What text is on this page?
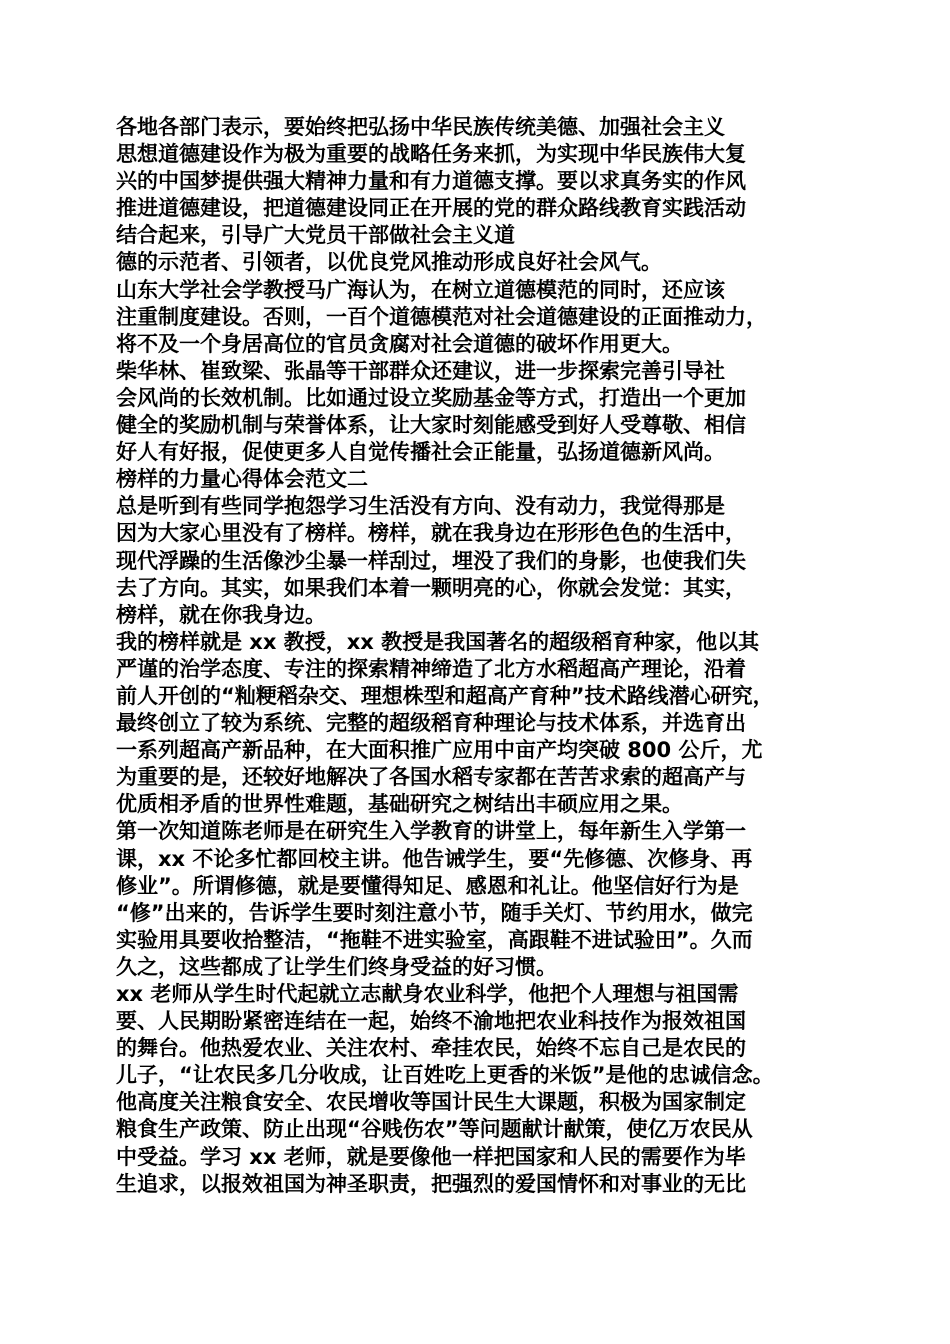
各地各部门表示，要始终把弘扬中华民族传统美德、加强社会主义
思想道德建设作为极为重要的战略任务来抓，为实现中华民族伟大复
兴的中国梦提供强大精神力量和有力道德支撑。要以求真务实的作风
推进道德建设，把道德建设同正在开展的党的群众路线教育实践活动
结合起来，引导广大党员干部做社会主义道
德的示范者、引领者，以优良党风推动形成良好社会风气。
山东大学社会学教授马广海认为，在树立道德模范的同时，还应该
注重制度建设。否则，一百个道德模范对社会道德建设的正面推动力，
将不及一个身居高位的官员贪腐对社会道德的破坏作用更大。
柴华林、崔致梁、张晶等干部群众还建议，进一步探索完善引导社
会风尚的长效机制。比如通过设立奖励基金等方式，打造出一个更加
健全的奖励机制与荣誉体系，让大家时刻能感受到好人受尊敬、相信
好人有好报，促使更多人自觉传播社会正能量，弘扬道德新风尚。
榜样的力量心得体会范文二
总是听到有些同学抱怨学习生活没有方向、没有动力，我觉得那是
因为大家心里没有了榜样。榜样，就在我身边在形形色色的生活中，
现代浮躁的生活像沙尘暴一样刮过，埋没了我们的身影，也使我们失
去了方向。其实，如果我们本着一颗明亮的心，你就会发觉：其实，
榜样，就在你我身边。
我的榜样就是 xx 教授，xx 教授是我国著名的超级稻育种家，他以其
严谨的治学态度、专注的探索精神缔造了北方水稻超高产理论，沿着
前人开创的“籼粳稻杂交、理想株型和超高产育种”技术路线潜心研究，
最终创立了较为系统、完整的超级稻育种理论与技术体系，并选育出
一系列超高产新品种，在大面积推广应用中亩产均突破 800 公斤，尤
为重要的是，还较好地解决了各国水稻专家都在苦苦求索的超高产与
优质相矛盾的世界性难题，基础研究之树结出丰硕应用之果。
第一次知道陈老师是在研究生入学教育的讲堂上，每年新生入学第一
课，xx 不论多忙都回校主讲。他告诫学生，要“先修德、次修身、再
修业”。所谓修德，就是要懂得知足、感恩和礼让。他坚信好行为是
“修”出来的，告诉学生要时刻注意小节，随手关灯、节约用水，做完
实验用具要收拾整洁，“拖鞋不进实验室，高跟鞋不进试验田”。久而
久之，这些都成了让学生们终身受益的好习惯。
xx 老师从学生时代起就立志献身农业科学，他把个人理想与祖国需
要、人民期盼紧密连结在一起，始终不渝地把农业科技作为报效祖国
的舞台。他热爱农业、关注农村、牵挂农民，始终不忘自己是农民的
儿子，“让农民多几分收成，让百姓吃上更香的米饭”是他的忠诚信念。
他高度关注粮食安全、农民增收等国计民生大课题，积极为国家制定
粮食生产政策、防止出现“谷贱伤农”等问题献计献策，使亿万农民从
中受益。学习 xx 老师，就是要像他一样把国家和人民的需要作为毕
生追求，以报效祖国为神圣职责，把强烈的爱国情怀和对事业的无比
